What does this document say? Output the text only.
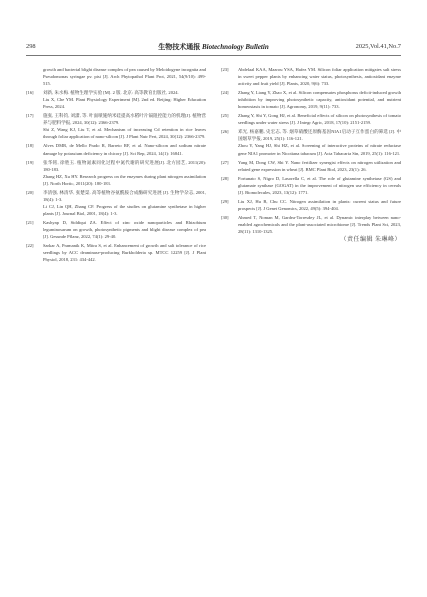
298	生物技术通报 Biotechnology Bulletin	2025,Vol.41,No.7
growth and bacterial blight disease complex of pea caused by Meloidogyne incognita and Pseudomonas syringae pv. pisi [J]. Arch Phytopathol Plant Prot, 2021, 54(9/10): 499-515.
[16] 刘新, 朱水梅. 植物生理学实验 [M]. 2 版. 北京: 高等教育出版社, 2024.
Liu X, Che YM. Plant Physiology Experiment [M]. 2nd ed. Beijing: Higher Education Press, 2024.
[17] 施张, 王科钧, 刘潇, 等. 叶面喷施纳米硅提高水稻叶片镉阻控能力的机理[J]. 植物营养与肥料学报, 2024, 30(12): 2366-2379.
Shi Z, Wang KJ, Liu T, et al. Mechanism of increasing Cd retention in rice leaves through foliar application of nano-silicon [J]. J Plant Nutr Fert, 2024, 30(12): 2366-2379.
[18] Alves DMR, de Mello Prado R, Barreto RF, et al. Nano-silicon and sodium nitrate damage by potassium deficiency in chicory [J]. Sci Rep, 2024, 14(1): 16841.
[19] 张华铭, 徐胜玉. 植物氮素同化过程中氮代谢的研究进展[J]. 北方园艺, 2011(20): 180-183.
Zhang HZ, Xu HY. Research progress on the enzymes during plant nitrogen assimilation [J]. North Hortic, 2011(20): 180-183.
[20] 李清强, 林清华, 张楚渠. 高等植物谷氨酰胺合成酶研究进展 [J]. 生物学杂志, 2001, 18(4): 1-3.
Li CJ, Lin QH, Zhang CF. Progress of the studies on glutamine synthetase in higher plants [J]. Journal Biol, 2001, 18(4): 1-3.
[21] Kashyap D, Siddiqui ZA. Effect of zinc oxide nanoparticles and Rhizobium leguminosarum on growth, photosynthetic pigments and blight disease complex of pea [J]. Gesunde Pflanz, 2022, 74(1): 29-40.
[22] Sarkar A, Pramanik K, Mitra S, et al. Enhancement of growth and salt tolerance of rice seedlings by ACC deaminase-producing Burkholderia sp. MTCC 12259 [J]. J Plant Physiol, 2018, 231: 434-442.
[23] Abdelaal KAA, Mazrou YSA, Hafez YM. Silicon foliar application mitigates salt stress in sweet pepper plants by enhancing water status, photosynthesis, antioxidant enzyme activity and fruit yield [J]. Plants, 2020, 9(6): 733.
[24] Zhang Y, Liang Y, Zhao X, et al. Silicon compensates phosphorus deficit-induced growth inhibition by improving photosynthetic capacity, antioxidant potential, and nutrient homeostasis in tomato [J]. Agronomy, 2019, 9(11): 733.
[25] Zhang Y, Shi Y, Gong HJ, et al. Beneficial effects of silicon on photosynthesis of tomato seedlings under water stress [J]. J Integr Agric, 2018, 17(10): 2151-2159.
[26] 邓光, 杨嘉鹏, 史宏志, 等. 烟草硝酸还原酶基因NIA1启动子互作蛋白的筛选 [J]. 中国烟草学报, 2019, 25(1): 116-121.
Zhou Y, Yang HJ, Shi HZ, et al. Screening of interactive proteins of nitrate reductase gene NIA1 promoter in Nicotiana tabacum [J]. Acta Tabacaria Sin, 2019, 25(1): 116-121.
[27] Yang M, Dong CW, Shi Y. Nano fertilizer synergist effects on nitrogen utilization and related gene expression in wheat [J]. BMC Plant Biol, 2023, 23(1): 26.
[28] Fortunato S, Nigro D, Lasorella C, et al. The role of glutamine synthetase (GS) and glutamate synthase (GOGAT) in the improvement of nitrogen use efficiency in cereals [J]. Biomolecules, 2023, 13(12): 1771.
[29] Liu XJ, Hu B, Chu CC. Nitrogen assimilation in plants: current status and future prospects [J]. J Genet Genomics, 2022, 49(5): 394-404.
[30] Ahmed T, Noman M, Gardea-Torresdey JL, et al. Dynamic interplay between nano-enabled agrochemicals and the plant-associated microbiome [J]. Trends Plant Sci, 2023, 28(11): 1310-1325.
（责任编辑 朱琳峰）
